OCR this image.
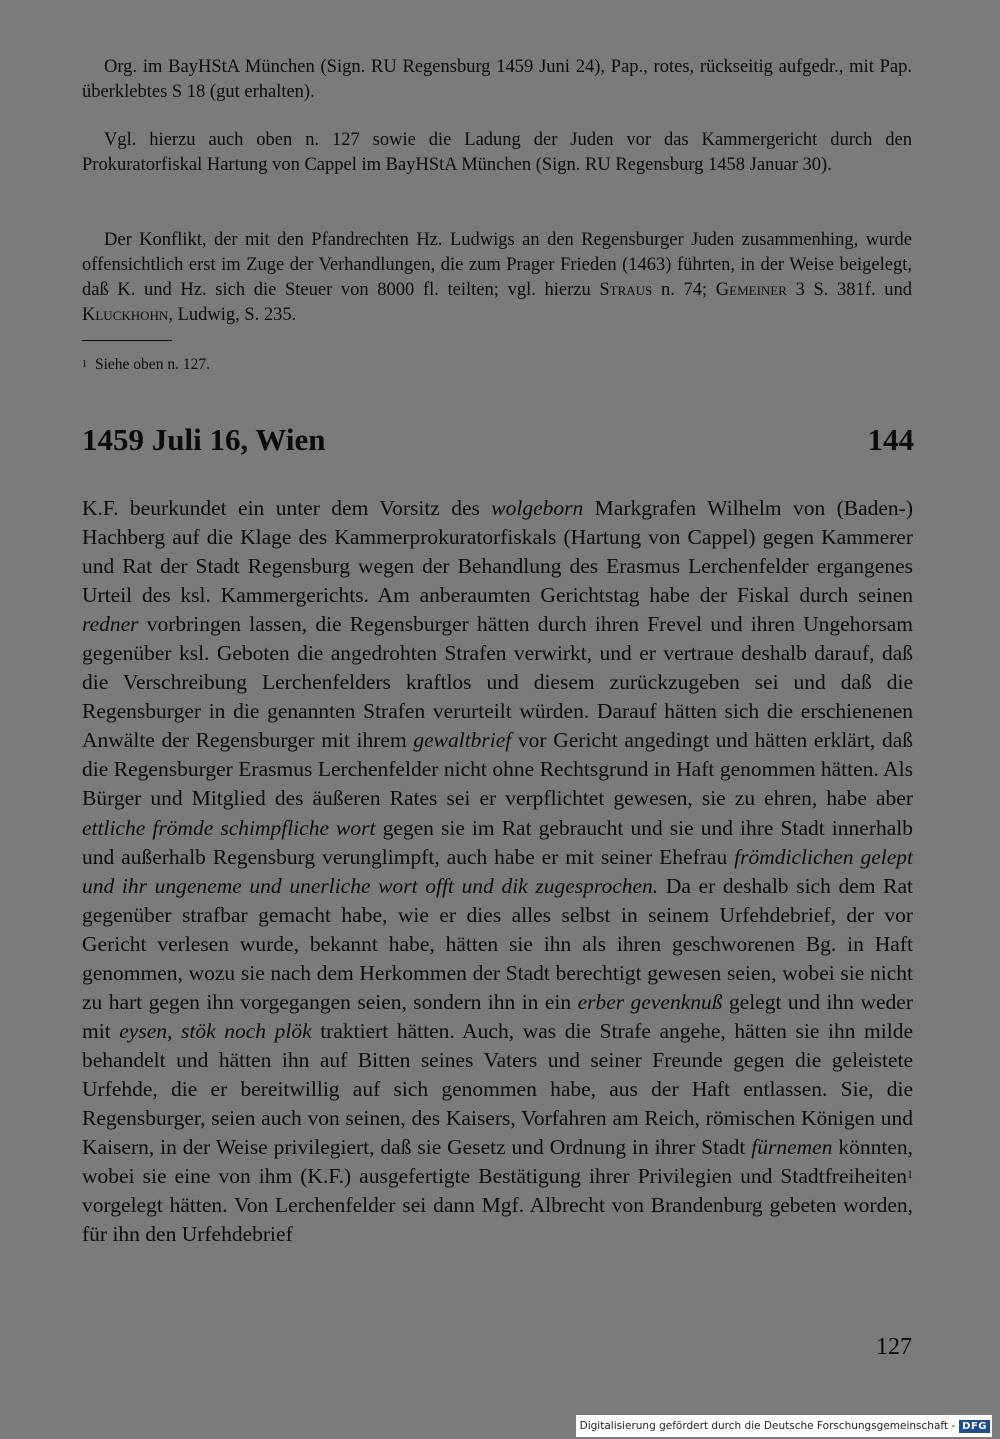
Org. im BayHStA München (Sign. RU Regensburg 1459 Juni 24), Pap., rotes, rückseitig aufgedr., mit Pap. überklebtes S 18 (gut erhalten).

Vgl. hierzu auch oben n. 127 sowie die Ladung der Juden vor das Kammergericht durch den Prokuratorfiskal Hartung von Cappel im BayHStA München (Sign. RU Regensburg 1458 Januar 30).

Der Konflikt, der mit den Pfandrechten Hz. Ludwigs an den Regensburger Juden zusammenhing, wurde offensichtlich erst im Zuge der Verhandlungen, die zum Prager Frieden (1463) führten, in der Weise beigelegt, daß K. und Hz. sich die Steuer von 8000 fl. teilten; vgl. hierzu Straus n. 74; Gemeiner 3 S. 381f. und Kluckhohn, Ludwig, S. 235.

$^1$ Siehe oben n. 127.

1459 Juli 16, Wien	144

K.F. beurkundet ein unter dem Vorsitz des wolgeborn Markgrafen Wilhelm von (Baden-) Hachberg auf die Klage des Kammerprokuratorfiskals (Hartung von Cappel) gegen Kammerer und Rat der Stadt Regensburg wegen der Behandlung des Erasmus Lerchenfelder ergangenes Urteil des ksl. Kammergerichts. Am anberaumten Gerichtstag habe der Fiskal durch seinen redner vorbringen lassen, die Regensburger hätten durch ihren Frevel und ihren Ungehorsam gegenüber ksl. Geboten die angedrohten Strafen verwirkt, und er vertraue deshalb darauf, daß die Verschreibung Lerchenfelders kraftlos und diesem zurückzugeben sei und daß die Regensburger in die genannten Strafen verurteilt würden. Darauf hätten sich die erschienenen Anwälte der Regensburger mit ihrem gewaltbrief vor Gericht angedingt und hätten erklärt, daß die Regensburger Erasmus Lerchenfelder nicht ohne Rechtsgrund in Haft genommen hätten. Als Bürger und Mitglied des äußeren Rates sei er verpflichtet gewesen, sie zu ehren, habe aber ettliche frömde schimpfliche wort gegen sie im Rat gebraucht und sie und ihre Stadt innerhalb und außerhalb Regensburg verunglimpft, auch habe er mit seiner Ehefrau frömdiclichen gelept und ihr ungeneme und unerliche wort offt und dik zugesprochen. Da er deshalb sich dem Rat gegenüber strafbar gemacht habe, wie er dies alles selbst in seinem Urfehdebrief, der vor Gericht verlesen wurde, bekannt habe, hätten sie ihn als ihren geschworenen Bg. in Haft genommen, wozu sie nach dem Herkommen der Stadt berechtigt gewesen seien, wobei sie nicht zu hart gegen ihn vorgegangen seien, sondern ihn in ein erber gevenknuß gelegt und ihn weder mit eysen, stök noch plök traktiert hätten. Auch, was die Strafe angehe, hätten sie ihn milde behandelt und hätten ihn auf Bitten seines Vaters und seiner Freunde gegen die geleistete Urfehde, die er bereitwillig auf sich genommen habe, aus der Haft entlassen. Sie, die Regensburger, seien auch von seinen, des Kaisers, Vorfahren am Reich, römischen Königen und Kaisern, in der Weise privilegiert, daß sie Gesetz und Ordnung in ihrer Stadt fürnemen könnten, wobei sie eine von ihm (K.F.) ausgefertigte Bestätigung ihrer Privilegien und Stadtfreiheiten$^1$ vorgelegt hätten. Von Lerchenfelder sei dann Mgf. Albrecht von Brandenburg gebeten worden, für ihn den Urfehdebrief

127
Digitalisierung gefördert durch die Deutsche Forschungsgemeinschaft - DFG
